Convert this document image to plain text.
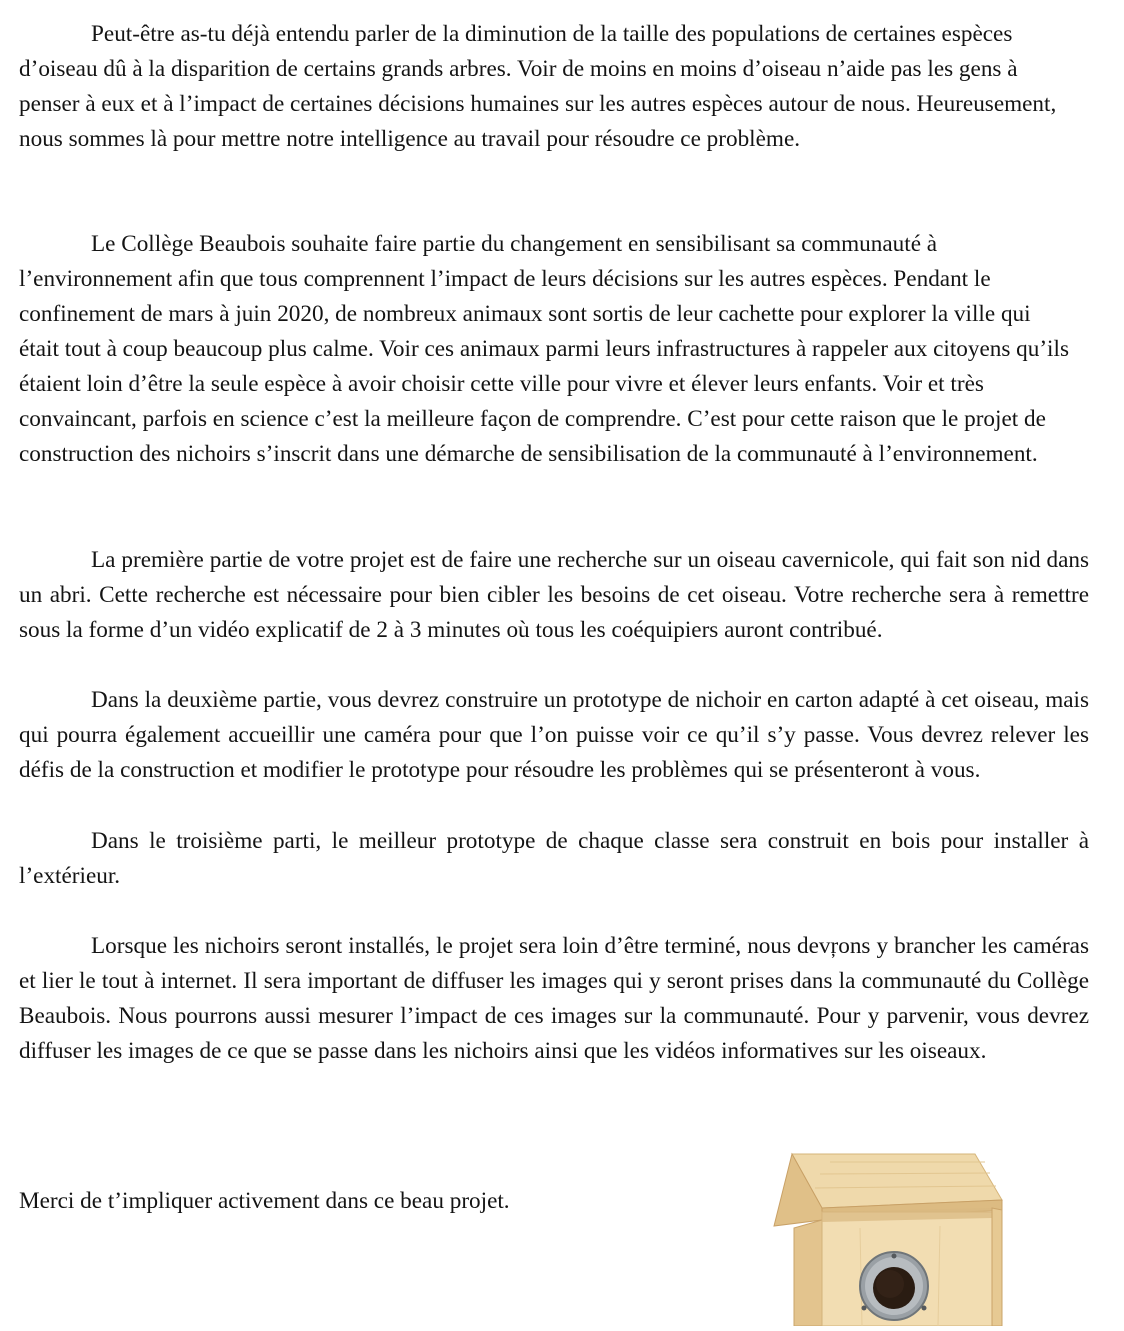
Peut-être as-tu déjà entendu parler de la diminution de la taille des populations de certaines espèces d’oiseau dû à la disparition de certains grands arbres. Voir de moins en moins d’oiseau n’aide pas les gens à penser à eux et à l’impact de certaines décisions humaines sur les autres espèces autour de nous. Heureusement, nous sommes là pour mettre notre intelligence au travail pour résoudre ce problème.

Le Collège Beaubois souhaite faire partie du changement en sensibilisant sa communauté à l’environnement afin que tous comprennent l’impact de leurs décisions sur les autres espèces. Pendant le confinement de mars à juin 2020, de nombreux animaux sont sortis de leur cachette pour explorer la ville qui était tout à coup beaucoup plus calme. Voir ces animaux parmi leurs infrastructures à rappeler aux citoyens qu’ils étaient loin d’être la seule espèce à avoir choisir cette ville pour vivre et élever leurs enfants. Voir et très convaincant, parfois en science c’est la meilleure façon de comprendre. C’est pour cette raison que le projet de construction des nichoirs s’inscrit dans une démarche de sensibilisation de la communauté à l’environnement.

La première partie de votre projet est de faire une recherche sur un oiseau cavernicole, qui fait son nid dans un abri. Cette recherche est nécessaire pour bien cibler les besoins de cet oiseau. Votre recherche sera à remettre sous la forme d’un vidéo explicatif de 2 à 3 minutes où tous les coéquipiers auront contribué.

Dans la deuxième partie, vous devrez construire un prototype de nichoir en carton adapté à cet oiseau, mais qui pourra également accueillir une caméra pour que l’on puisse voir ce qu’il s’y passe. Vous devrez relever les défis de la construction et modifier le prototype pour résoudre les problèmes qui se présenteront à vous.

Dans le troisième parti, le meilleur prototype de chaque classe sera construit en bois pour installer à l’extérieur.

Lorsque les nichoirs seront installés, le projet sera loin d’être terminé, nous devŗons y brancher les caméras et lier le tout à internet. Il sera important de diffuser les images qui y seront prises dans la communauté du Collège Beaubois. Nous pourrons aussi mesurer l’impact de ces images sur la communauté. Pour y parvenir, vous devrez diffuser les images de ce que se passe dans les nichoirs ainsi que les vidéos informatives sur les oiseaux.

Merci de t’impliquer activement dans ce beau projet.
